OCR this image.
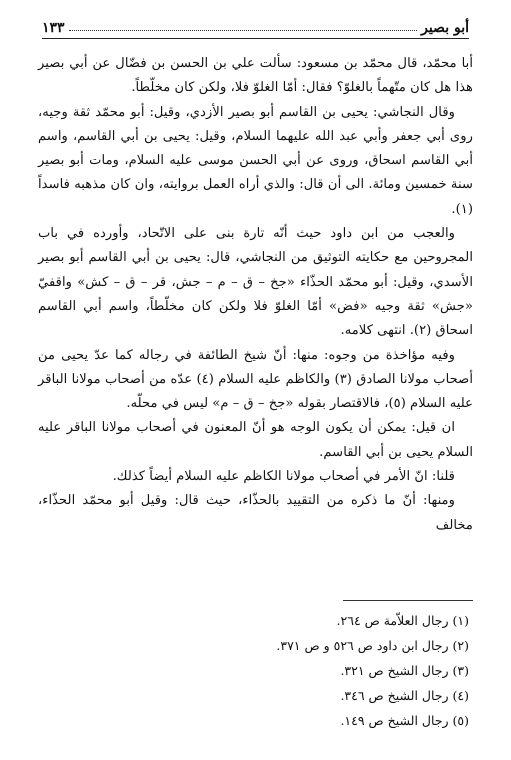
أبو بصير
١٣٣

أبا محمّد، قال محمّد بن مسعود: سألت علي بن الحسن بن فضّال عن أبي بصير هذا هل كان متّهماً بالغلوّ؟ فقال: أمّا الغلوّ فلا، ولكن كان مخلّطاً.

وقال النجاشي: يحيى بن القاسم أبو بصير الأزدي، وقيل: أبو محمّد ثقة وجيه، روى أبي جعفر وأبي عبد الله عليهما السلام، وقيل: يحيى بن أبي القاسم، واسم أبي القاسم اسحاق، وروى عن أبي الحسن موسى عليه السلام، ومات أبو بصير سنة خمسين ومائة. الى أن قال: والذي أراه العمل بروايته، وان كان مذهبه فاسداً (١).

والعجب من ابن داود حيث أنّه تارة بنى على الاتّحاد، وأورده في باب المجروحين مع حكايته التوثيق من النجاشي، قال: يحيى بن أبي القاسم أبو بصير الأسدي، وقيل: أبو محمّد الحذّاء «جخ – ق – م – جش، قر – ق – كش» واقفيّ «جش» ثقة وجيه «فض» أمّا الغلوّ فلا ولكن كان مخلّطاً، واسم أبي القاسم اسحاق (٢). انتهى كلامه.

وفيه مؤاخذة من وجوه: منها: أنّ شيخ الطائفة في رجاله كما عدّ يحيى من أصحاب مولانا الصادق (٣) والكاظم عليه السلام (٤) عدّه من أصحاب مولانا الباقر عليه السلام (٥)، فالاقتصار بقوله «جخ – ق – م» ليس في محلّه.

ان قيل: يمكن أن يكون الوجه هو أنّ المعنون في أصحاب مولانا الباقر عليه السلام يحيى بن أبي القاسم.

قلنا: انّ الأمر في أصحاب مولانا الكاظم عليه السلام أيضاً كذلك.

ومنها: أنّ ما ذكره من التقييد بالحذّاء، حيث قال: وقيل أبو محمّد الحذّاء، مخالف

(١) رجال العلاّمة ص ٢٦٤.

(٢) رجال ابن داود ص ٥٢٦ و ص ٣٧١.

(٣) رجال الشيخ ص ٣٢١.

(٤) رجال الشيخ ص ٣٤٦.

(٥) رجال الشيخ ص ١٤٩.
